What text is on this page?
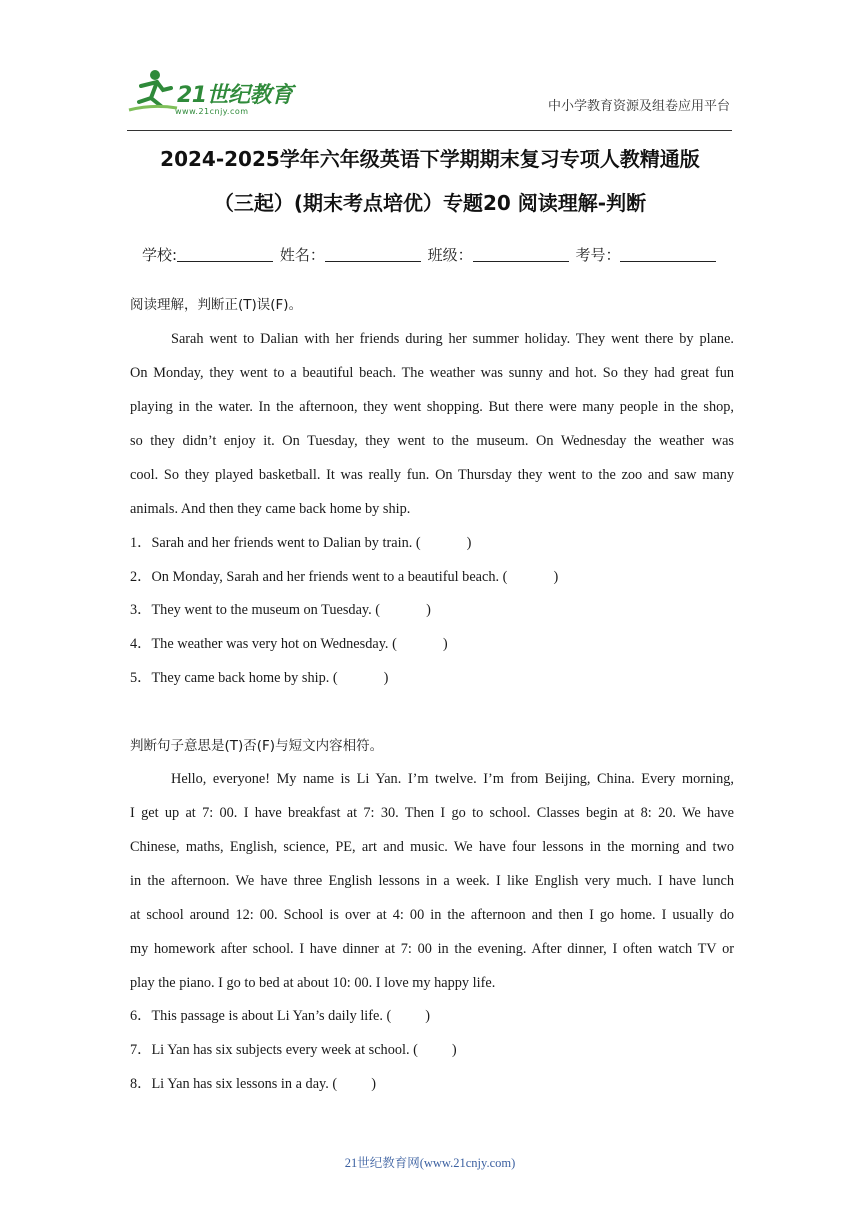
21世纪教育
www.21cnjy.com	中小学教育资源及组卷应用平台
2024-2025学年六年级英语下学期期末复习专项人教精通版
（三起）(期末考点培优）专题20 阅读理解-判断
学校:	姓名：	班级：	考号：
阅读理解，判断正(T)误(F)。
Sarah went to Dalian with her friends during her summer holiday. They went there by plane.
On Monday, they went to a beautiful beach. The weather was sunny and hot. So they had great fun
playing in the water. In the afternoon, they went shopping. But there were many people in the shop,
so they didn’t enjoy it. On Tuesday, they went to the museum. On Wednesday the weather was
cool. So they played basketball. It was really fun. On Thursday they went to the zoo and saw many
animals. And then they came back home by ship.
1．Sarah and her friends went to Dalian by train. (	)
2．On Monday, Sarah and her friends went to a beautiful beach. (	)
3．They went to the museum on Tuesday. (	)
4．The weather was very hot on Wednesday. (	)
5．They came back home by ship. (	)
判断句子意思是(T)否(F)与短文内容相符。
Hello, everyone! My name is Li Yan. I’m twelve. I’m from Beijing, China. Every morning,
I get up at 7: 00. I have breakfast at 7: 30. Then I go to school. Classes begin at 8: 20. We have
Chinese, maths, English, science, PE, art and music. We have four lessons in the morning and two
in the afternoon. We have three English lessons in a week. I like English very much. I have lunch
at school around 12: 00. School is over at 4: 00 in the afternoon and then I go home. I usually do
my homework after school. I have dinner at 7: 00 in the evening. After dinner, I often watch TV or
play the piano. I go to bed at about 10: 00. I love my happy life.
6．This passage is about Li Yan’s daily life. ( )
7．Li Yan has six subjects every week at school. ( )
8．Li Yan has six lessons in a day. ( )
21世纪教育网(www.21cnjy.com)
